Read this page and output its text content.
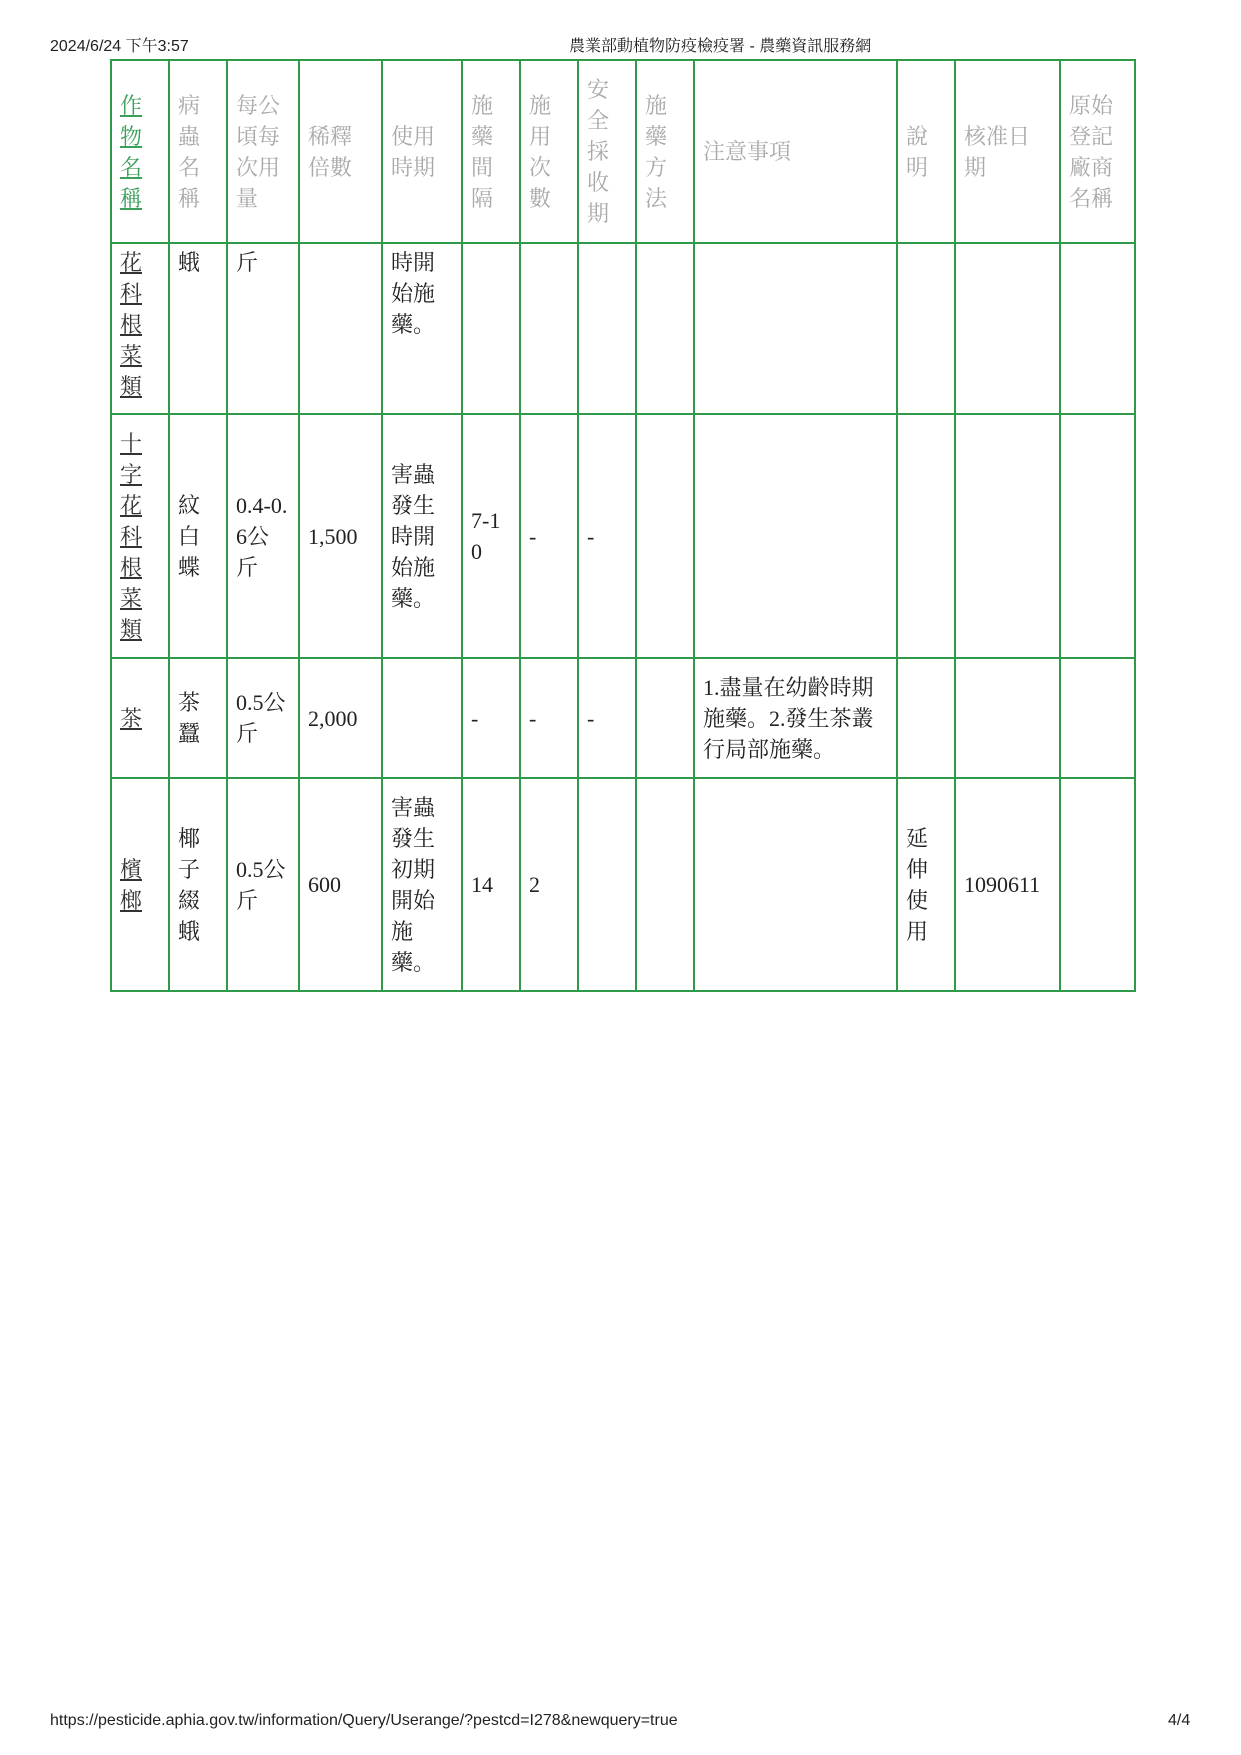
2024/6/24 下午3:57	農業部動植物防疫檢疫署 - 農藥資訊服務網
作物名稱	病蟲名稱	每公頃每次用量	稀釋倍數	使用時期	施藥間隔	施用次數	安全採收期	施藥方法	注意事項	說明	核准日期	原始登記廠商名稱
花科根菜類	蛾	斤		時開始施藥。								
十字花科根菜類	紋白蝶	0.4-0.6公斤	1,500	害蟲發生時開始施藥。	7-10	-	-					
茶	茶蠶	0.5公斤	2,000		-	-	-		1.盡量在幼齡時期施藥。2.發生茶叢行局部施藥。			
檳榔	椰子綴蛾	0.5公斤	600	害蟲發生初期開始施藥。	14	2				延伸使用	1090611	
https://pesticide.aphia.gov.tw/information/Query/Userange/?pestcd=I278&newquery=true	4/4
